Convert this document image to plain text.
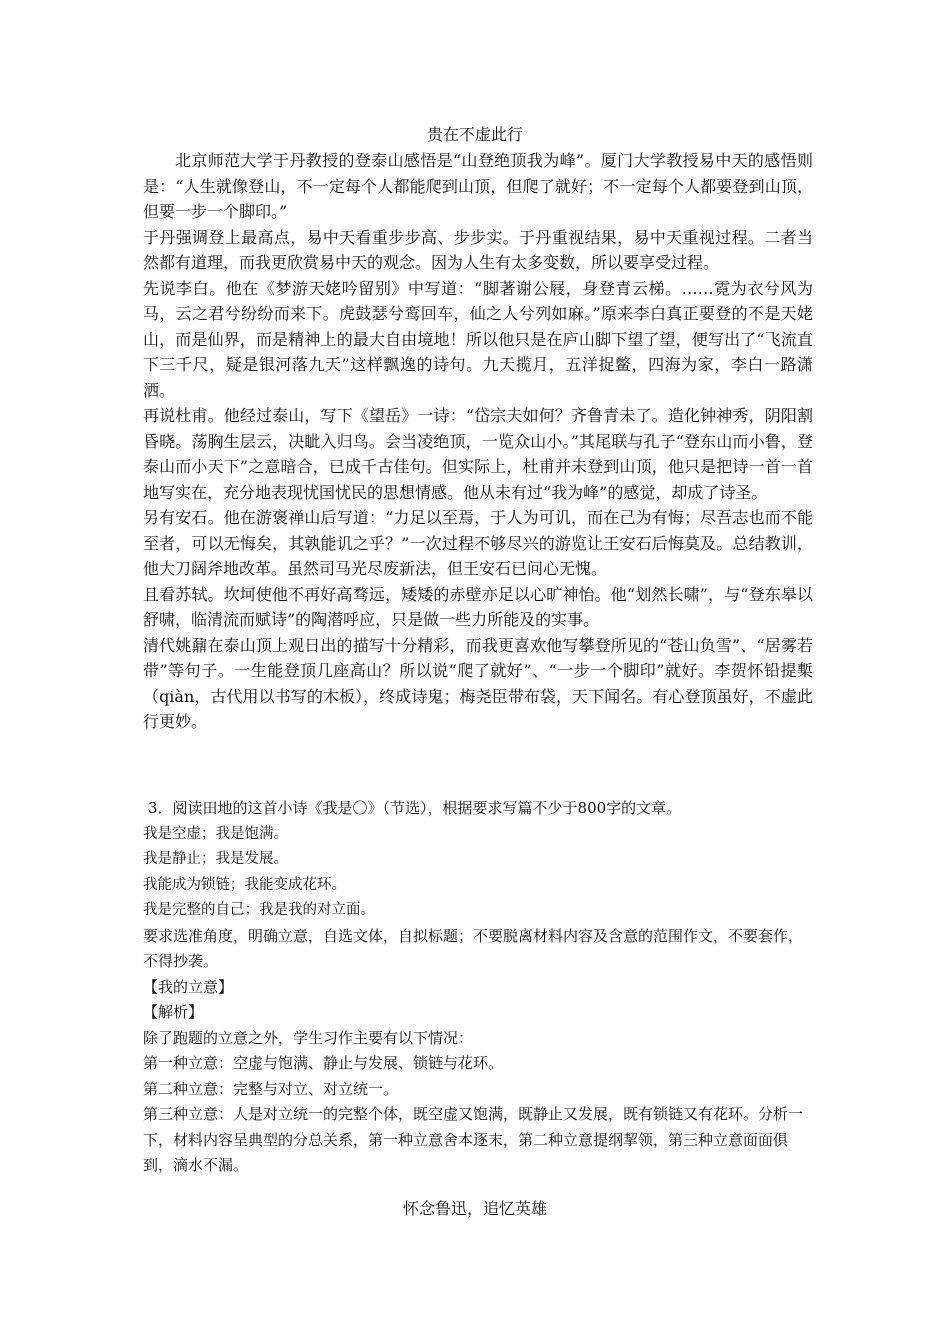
贵在不虚此行

北京师范大学于丹教授的登泰山感悟是“山登绝顶我为峰”。厦门大学教授易中天的感悟则是：“人生就像登山，不一定每个人都能爬到山顶，但爬了就好；不一定每个人都要登到山顶，但要一步一个脚印。”

于丹强调登上最高点，易中天看重步步高、步步实。于丹重视结果，易中天重视过程。二者当然都有道理，而我更欣赏易中天的观念。因为人生有太多变数，所以要享受过程。

先说李白。他在《梦游天姥吟留别》中写道：“脚著谢公屐，身登青云梯。……霓为衣兮风为马，云之君兮纷纷而来下。虎鼓瑟兮鸾回车，仙之人兮列如麻。”原来李白真正要登的不是天姥山，而是仙界，而是精神上的最大自由境地！所以他只是在庐山脚下望了望，便写出了“飞流直下三千尺，疑是银河落九天”这样飘逸的诗句。九天揽月，五洋捉鳖，四海为家，李白一路潇洒。

再说杜甫。他经过泰山，写下《望岳》一诗：“岱宗夫如何？齐鲁青未了。造化钟神秀，阴阳割昏晓。荡胸生层云，决眦入归鸟。会当凌绝顶，一览众山小。”其尾联与孔子“登东山而小鲁，登泰山而小天下”之意暗合，已成千古佳句。但实际上，杜甫并未登到山顶，他只是把诗一首一首地写实在，充分地表现忧国忧民的思想情感。他从未有过“我为峰”的感觉，却成了诗圣。

另有安石。他在游褒禅山后写道：“力足以至焉，于人为可讥，而在己为有悔；尽吾志也而不能至者，可以无悔矣，其孰能讥之乎？”一次过程不够尽兴的游览让王安石后悔莫及。总结教训，他大刀阔斧地改革。虽然司马光尽废新法，但王安石已问心无愧。

且看苏轼。坎坷使他不再好高骛远，矮矮的赤壁亦足以心旷神怡。他“划然长啸”，与“登东皋以舒啸，临清流而赋诗”的陶潜呼应，只是做一些力所能及的实事。

清代姚鼐在泰山顶上观日出的描写十分精彩，而我更喜欢他写攀登所见的“苍山负雪”、“居雾若带”等句子。一生能登顶几座高山？所以说“爬了就好”、“一步一个脚印”就好。李贺怀铅提槧（qiàn，古代用以书写的木板），终成诗鬼；梅尧臣带布袋，天下闻名。有心登顶虽好，不虚此行更妙。

3．阅读田地的这首小诗《我是〇》（节选），根据要求写篇不少于800字的文章。

我是空虚；我是饱满。

我是静止；我是发展。

我能成为锁链；我能变成花环。

我是完整的自己；我是我的对立面。

要求选准角度，明确立意，自选文体，自拟标题；不要脱离材料内容及含意的范围作文，不要套作，不得抄袭。

【我的立意】

【解析】

除了跑题的立意之外，学生习作主要有以下情况：

第一种立意：空虚与饱满、静止与发展、锁链与花环。

第二种立意：完整与对立、对立统一。

第三种立意：人是对立统一的完整个体，既空虚又饱满，既静止又发展，既有锁链又有花环。分析一下，材料内容呈典型的分总关系，第一种立意舍本逐末，第二种立意提纲挈领，第三种立意面面俱到，滴水不漏。

怀念鲁迅，追忆英雄
